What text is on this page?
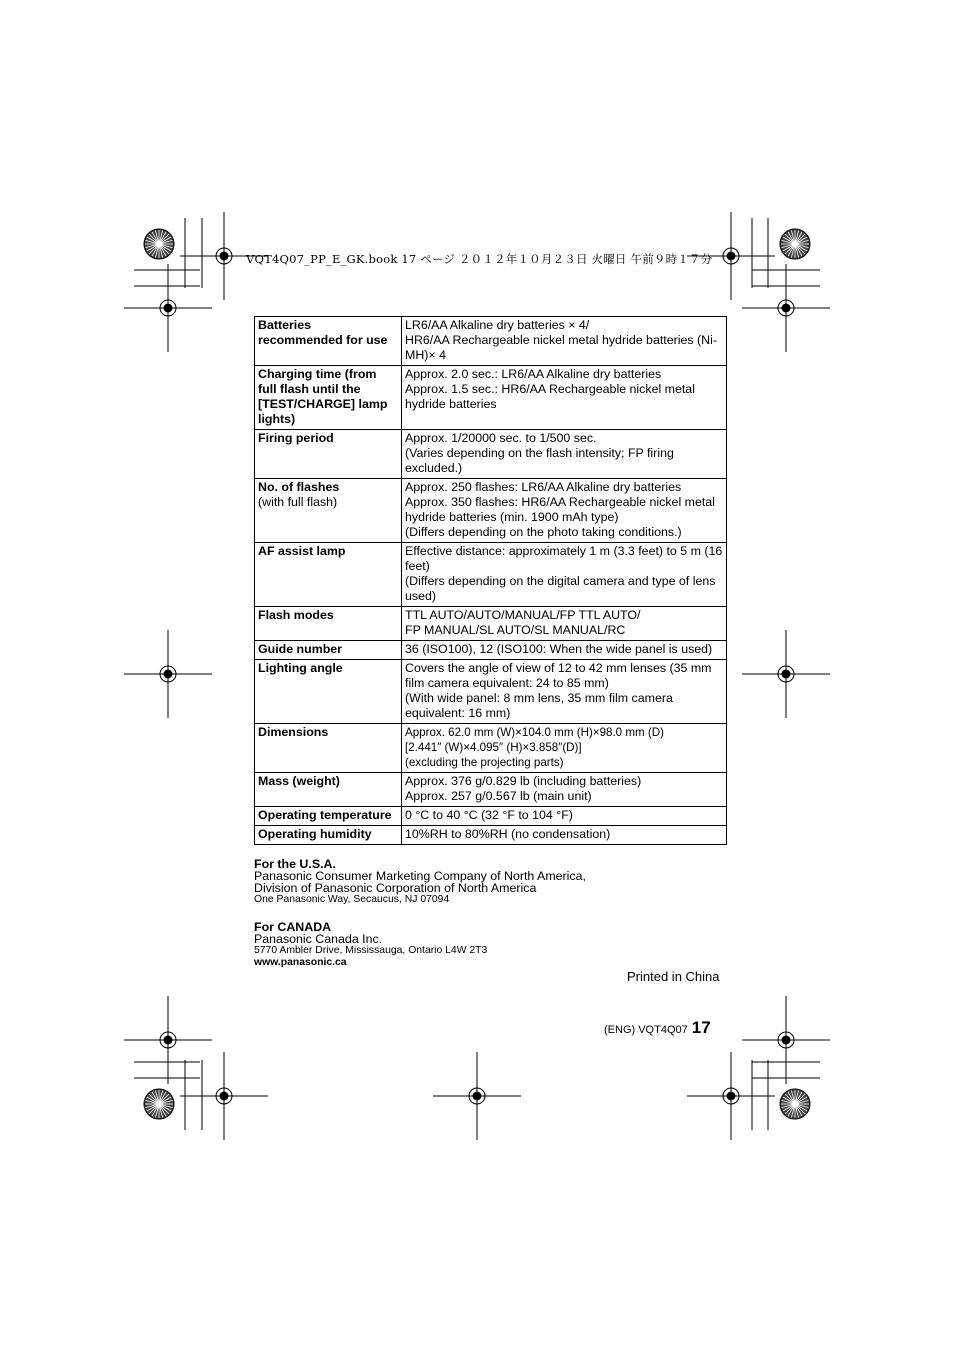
VQT4Q07_PP_E_GK.book 17 ページ ２０１２年１０月２３日 火曜日 午前９時１７分
Batteries recommended for use	LR6/AA Alkaline dry batteries × 4/
HR6/AA Rechargeable nickel metal hydride batteries (Ni-MH)× 4

Charging time (from full flash until the [TEST/CHARGE] lamp lights)	Approx. 2.0 sec.: LR6/AA Alkaline dry batteries
Approx. 1.5 sec.: HR6/AA Rechargeable nickel metal hydride batteries

Firing period	Approx. 1/20000 sec. to 1/500 sec.
(Varies depending on the flash intensity; FP firing excluded.)

No. of flashes
(with full flash)	Approx. 250 flashes: LR6/AA Alkaline dry batteries
Approx. 350 flashes: HR6/AA Rechargeable nickel metal hydride batteries (min. 1900 mAh type)
(Differs depending on the photo taking conditions.)

AF assist lamp	Effective distance: approximately 1 m (3.3 feet) to 5 m (16 feet)
(Differs depending on the digital camera and type of lens used)

Flash modes	TTL AUTO/AUTO/MANUAL/FP TTL AUTO/
FP MANUAL/SL AUTO/SL MANUAL/RC

Guide number	36 (ISO100), 12 (ISO100: When the wide panel is used)

Lighting angle	Covers the angle of view of 12 to 42 mm lenses (35 mm film camera equivalent: 24 to 85 mm)
(With wide panel: 8 mm lens, 35 mm film camera equivalent: 16 mm)

Dimensions	Approx. 62.0 mm (W)×104.0 mm (H)×98.0 mm (D)
[2.441″ (W)×4.095″ (H)×3.858″(D)]
(excluding the projecting parts)

Mass (weight)	Approx. 376 g/0.829 lb (including batteries)
Approx. 257 g/0.567 lb (main unit)

Operating temperature	0 °C to 40 °C (32 °F to 104 °F)

Operating humidity	10%RH to 80%RH (no condensation)
For the U.S.A.
Panasonic Consumer Marketing Company of North America,
Division of Panasonic Corporation of North America
One Panasonic Way, Secaucus, NJ 07094
For CANADA
Panasonic Canada Inc.
5770 Ambler Drive, Mississauga, Ontario L4W 2T3
www.panasonic.ca
Printed in China
(ENG) VQT4Q07 17
